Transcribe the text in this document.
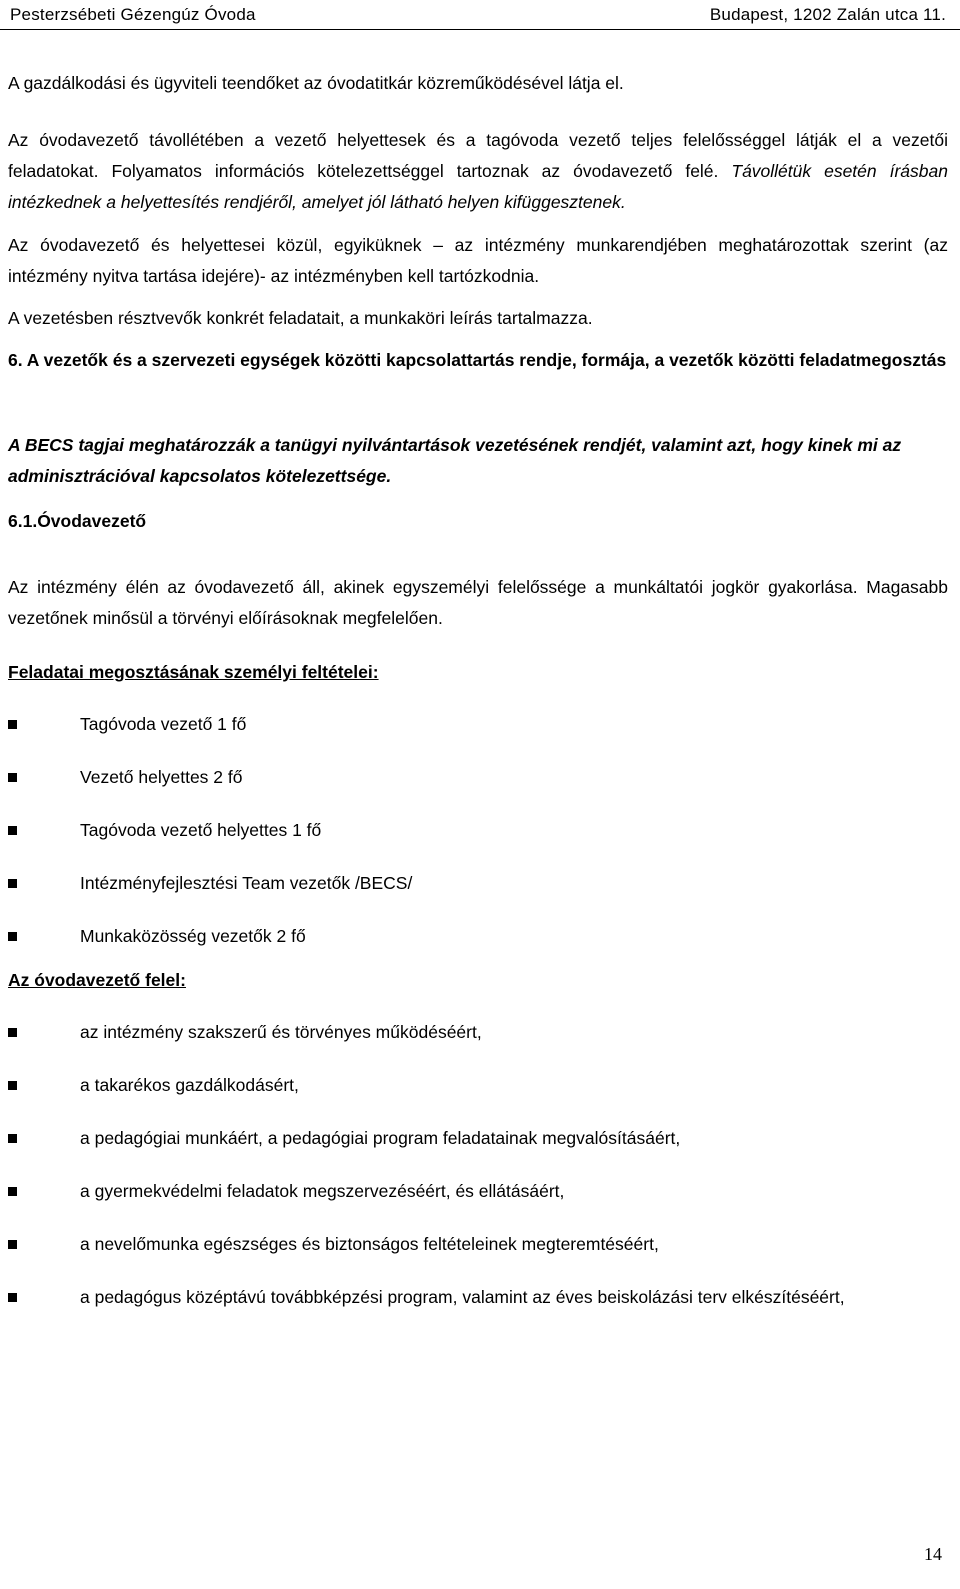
Pesterzsébeti Gézengúz Óvoda	Budapest, 1202 Zalán utca 11.

A gazdálkodási és ügyviteli teendőket az óvodatitkár közreműködésével látja el.

Az óvodavezető távollétében a vezető helyettesek és a tagóvoda vezető teljes felelősséggel látják el a vezetői feladatokat. Folyamatos információs kötelezettséggel tartoznak az óvodavezető felé. Távollétük esetén írásban intézkednek a helyettesítés rendjéről, amelyet jól látható helyen kifüggesztenek.

Az óvodavezető és helyettesei közül, egyiküknek – az intézmény munkarendjében meghatározottak szerint (az intézmény nyitva tartása idejére)- az intézményben kell tartózkodnia.

A vezetésben résztvevők konkrét feladatait, a munkaköri leírás tartalmazza.

6. A vezetők és a szervezeti egységek közötti kapcsolattartás rendje, formája, a vezetők közötti feladatmegosztás

A BECS tagjai meghatározzák a tanügyi nyilvántartások vezetésének rendjét, valamint azt, hogy kinek mi az adminisztrációval kapcsolatos kötelezettsége.

6.1.Óvodavezető

Az intézmény élén az óvodavezető áll, akinek egyszemélyi felelőssége a munkáltatói jogkör gyakorlása. Magasabb vezetőnek minősül a törvényi előírásoknak megfelelően.

Feladatai megosztásának személyi feltételei:

Tagóvoda vezető 1 fő
Vezető helyettes 2 fő
Tagóvoda vezető helyettes 1 fő
Intézményfejlesztési Team vezetők /BECS/
Munkaközösség vezetők 2 fő

Az óvodavezető felel:

az intézmény szakszerű és törvényes működéséért,
a takarékos gazdálkodásért,
a pedagógiai munkáért, a pedagógiai program feladatainak megvalósításáért,
a gyermekvédelmi feladatok megszervezéséért, és ellátásáért,
a nevelőmunka egészséges és biztonságos feltételeinek megteremtéséért,
a pedagógus középtávú továbbképzési program, valamint az éves beiskolázási terv elkészítéséért,
14
